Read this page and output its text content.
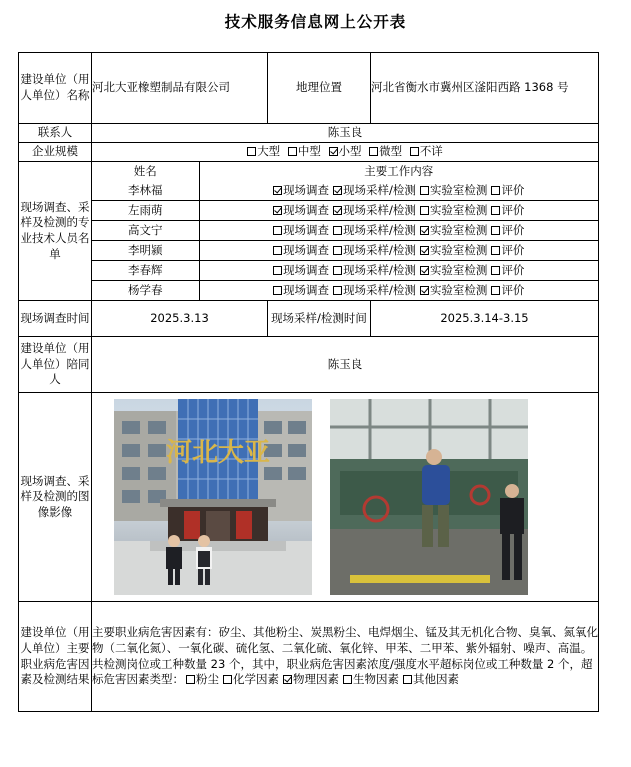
技术服务信息网上公开表
建设单位（用人单位）名称	河北大亚橡塑制品有限公司	地理位置	河北省衡水市冀州区滏阳西路 1368 号
联系人	陈玉良
企业规模	大型 中型 小型 微型 不详
现场调查、采样及检测的专业技术人员名单	
姓名	主要工作内容
李林福	现场调查 现场采样/检测 实验室检测 评价
左雨萌	现场调查 现场采样/检测 实验室检测 评价
高文宁	现场调查 现场采样/检测 实验室检测 评价
李明颍	现场调查 现场采样/检测 实验室检测 评价
李春辉	现场调查 现场采样/检测 实验室检测 评价
杨学春	现场调查 现场采样/检测 实验室检测 评价

现场调查时间	2025.3.13	现场采样/检测时间	2025.3.14-3.15
建设单位（用人单位）陪同人	陈玉良
现场调查、采样及检测的图像影像	
河北大亚

建设单位（用人单位）主要职业病危害因素及检测结果	
主要职业病危害因素有：矽尘、其他粉尘、炭黑粉尘、电焊烟尘、锰及其无机化合物、臭氧、氮氧化物（二氧化氮）、一氧化碳、硫化氢、二氧化硫、氧化锌、甲苯、二甲苯、紫外辐射、噪声、高温。
共检测岗位或工种数量 23 个，其中，职业病危害因素浓度/强度水平超标岗位或工种数量 2 个，超标危害因素类型： 粉尘 化学因素 物理因素 生物因素 其他因素
